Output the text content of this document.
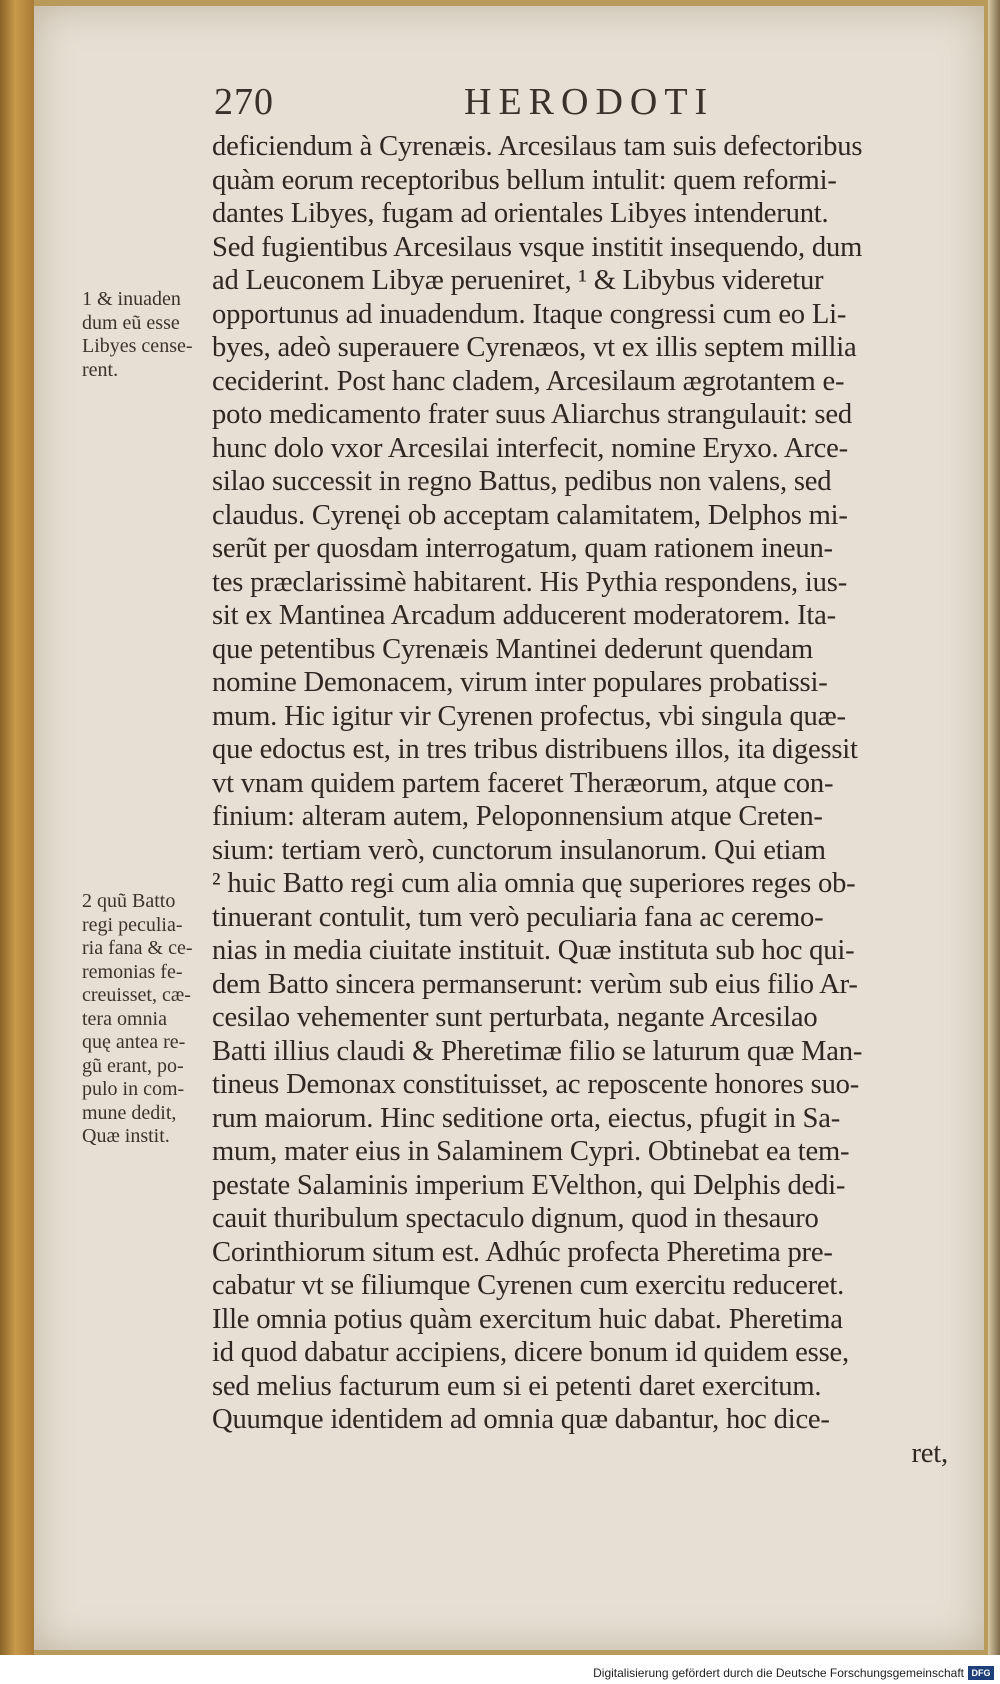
270	HERODOTI
deficiendum à Cyrenæis. Arcesilaus tam suis defectoribus
quàm eorum receptoribus bellum intulit: quem reformi-
dantes Libyes, fugam ad orientales Libyes intenderunt.
Sed fugientibus Arcesilaus vsque institit insequendo, dum
ad Leuconem Libyæ perueniret, ¹ & Libybus videretur
opportunus ad inuadendum. Itaque congressi cum eo Li-
byes, adeò superauere Cyrenæos, vt ex illis septem millia
ceciderint. Post hanc cladem, Arcesilaum ægrotantem e-
poto medicamento frater suus Aliarchus strangulauit: sed
hunc dolo vxor Arcesilai interfecit, nomine Eryxo. Arce-
silao successit in regno Battus, pedibus non valens, sed
claudus. Cyrenęi ob acceptam calamitatem, Delphos mi-
serũt per quosdam interrogatum, quam rationem ineun-
tes præclarissimè habitarent. His Pythia respondens, ius-
sit ex Mantinea Arcadum adducerent moderatorem. Ita-
que petentibus Cyrenæis Mantinei dederunt quendam
nomine Demonacem, virum inter populares probatissi-
mum. Hic igitur vir Cyrenen profectus, vbi singula quæ-
que edoctus est, in tres tribus distribuens illos, ita digessit
vt vnam quidem partem faceret Theræorum, atque con-
finium: alteram autem, Peloponnensium atque Creten-
sium: tertiam verò, cunctorum insulanorum. Qui etiam
² huic Batto regi cum alia omnia quę superiores reges ob-
tinuerant contulit, tum verò peculiaria fana ac ceremo-
nias in media ciuitate instituit. Quæ instituta sub hoc qui-
dem Batto sincera permanserunt: verùm sub eius filio Ar-
cesilao vehementer sunt perturbata, negante Arcesilao
Batti illius claudi & Pheretimæ filio se laturum quæ Man-
tineus Demonax constituisset, ac reposcente honores suo-
rum maiorum. Hinc seditione orta, eiectus, pfugit in Sa-
mum, mater eius in Salaminem Cypri. Obtinebat ea tem-
pestate Salaminis imperium EVelthon, qui Delphis dedi-
cauit thuribulum spectaculo dignum, quod in thesauro
Corinthiorum situm est. Adhúc profecta Pheretima pre-
cabatur vt se filiumque Cyrenen cum exercitu reduceret.
Ille omnia potius quàm exercitum huic dabat. Pheretima
id quod dabatur accipiens, dicere bonum id quidem esse,
sed melius facturum eum si ei petenti daret exercitum.
Quumque identidem ad omnia quæ dabantur, hoc dice-
ret,
1 & inuaden
dum eũ esse
Libyes cense-
rent.
2 quũ Batto
regi peculia-
ria fana & ce-
remonias fe-
creuisset, cæ-
tera omnia
quę antea re-
gũ erant, po-
pulo in com-
mune dedit,
Quæ instit.
Digitalisierung gefördert durch die Deutsche Forschungsgemeinschaft DFG
